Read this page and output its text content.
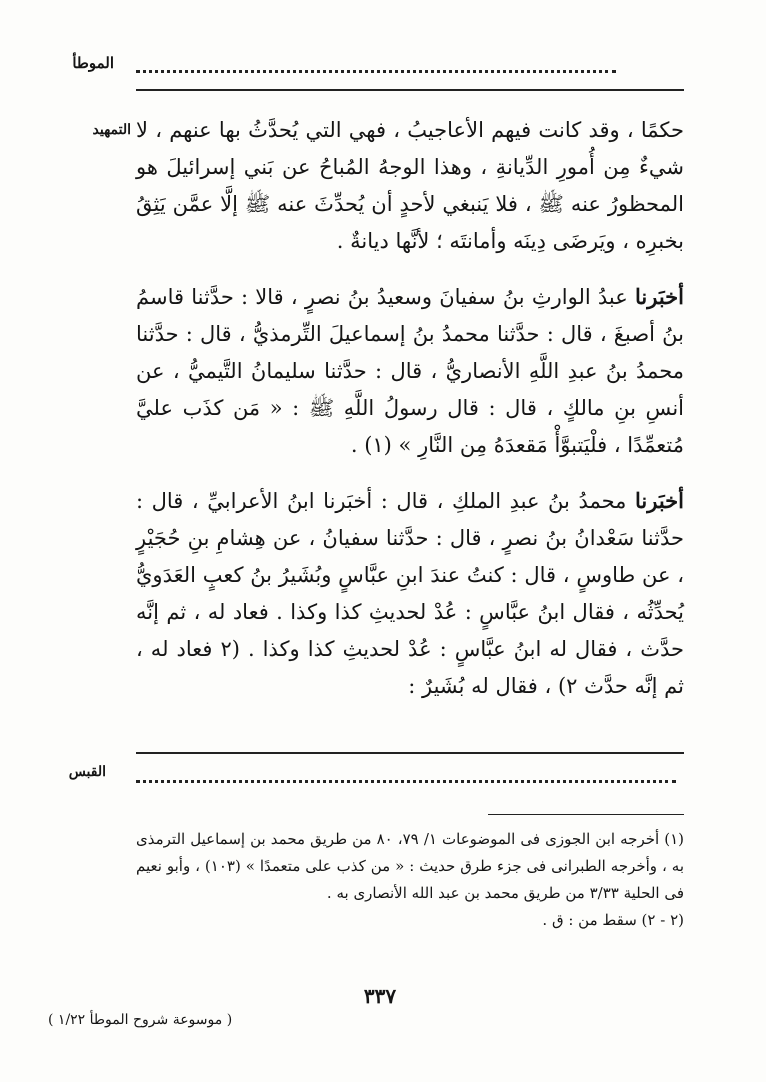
الموطأ
التمهيد حكمًا ، وقد كانت فيهم الأعاجيبُ ، فهي التي يُحدَّثُ بها عنهم ، لا شيءٌ مِن أُمورِ الدِّيانةِ ، وهذا الوجهُ المُباحُ عن بَني إسرائيلَ هو المحظورُ عنه ﷺ ، فلا يَنبغي لأحدٍ أن يُحدِّثَ عنه ﷺ إلَّا عمَّن يَثِقُ بخبرِه ، ويَرضَى دِينَه وأمانتَه ؛ لأنَّها ديانةٌ .

أخبَرنا عبدُ الوارثِ بنُ سفيانَ وسعيدُ بنُ نصرٍ ، قالا : حدَّثنا قاسمُ بنُ أصبغَ ، قال : حدَّثنا محمدُ بنُ إسماعيلَ التِّرمذيُّ ، قال : حدَّثنا محمدُ بنُ عبدِ اللَّهِ الأنصاريُّ ، قال : حدَّثنا سليمانُ التَّيميُّ ، عن أنسِ بنِ مالكٍ ، قال : قال رسولُ اللَّهِ ﷺ : « مَن كذَب عليَّ مُتعمِّدًا ، فلْيَتبوَّأْ مَقعدَهُ مِن النَّارِ » (١) .

أخبَرنا محمدُ بنُ عبدِ الملكِ ، قال : أخبَرنا ابنُ الأعرابيِّ ، قال : حدَّثنا سَعْدانُ بنُ نصرٍ ، قال : حدَّثنا سفيانُ ، عن هِشامِ بنِ حُجَيْرٍ ، عن طاوسٍ ، قال : كنتُ عندَ ابنِ عبَّاسٍ وبُشَيرُ بنُ كعبٍ العَدَويُّ يُحدِّثُه ، فقال ابنُ عبَّاسٍ : عُدْ لحديثِ كذا وكذا . فعاد له ، ثم إنَّه حدَّث ، فقال له ابنُ عبَّاسٍ : عُدْ لحديثِ كذا وكذا . (٢ فعاد له ، ثم إنَّه حدَّث ٢) ، فقال له بُشَيرٌ :

القبس

(١) أخرجه ابن الجوزى فى الموضوعات ١/ ٧٩، ٨٠ من طريق محمد بن إسماعيل الترمذى به ، وأخرجه الطبرانى فى جزء طرق حديث : « من كذب على متعمدًا » (١٠٣) ، وأبو نعيم فى الحلية ٣/٣٣ من طريق محمد بن عبد الله الأنصارى به .

(٢ - ٢) سقط من : ق .

٣٣٧
( موسوعة شروح الموطأ ١/٢٢ )
